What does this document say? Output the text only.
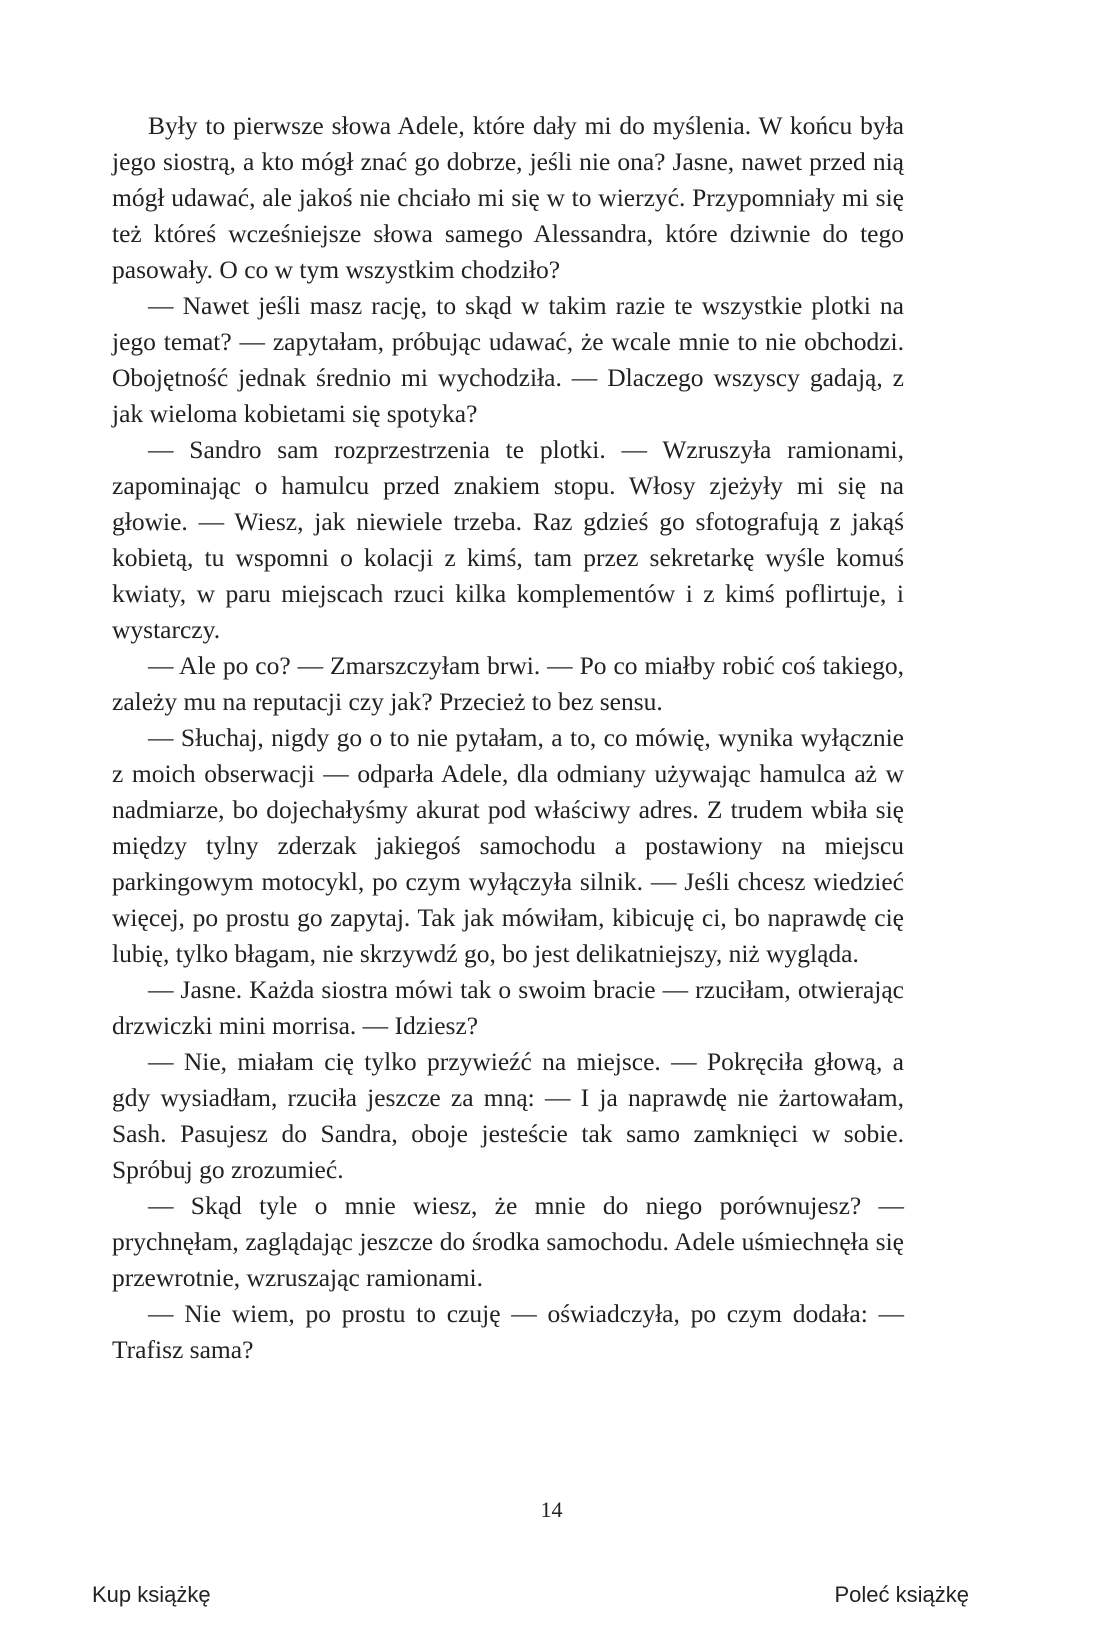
Były to pierwsze słowa Adele, które dały mi do myślenia. W końcu była jego siostrą, a kto mógł znać go dobrze, jeśli nie ona? Jasne, nawet przed nią mógł udawać, ale jakoś nie chciało mi się w to wierzyć. Przypomniały mi się też któreś wcześniejsze słowa samego Alessandra, które dziwnie do tego pasowały. O co w tym wszystkim chodziło?

— Nawet jeśli masz rację, to skąd w takim razie te wszystkie plotki na jego temat? — zapytałam, próbując udawać, że wcale mnie to nie obchodzi. Obojętność jednak średnio mi wychodziła. — Dlaczego wszyscy gadają, z jak wieloma kobietami się spotyka?

— Sandro sam rozprzestrzenia te plotki. — Wzruszyła ramionami, zapominając o hamulcu przed znakiem stopu. Włosy zjeżyły mi się na głowie. — Wiesz, jak niewiele trzeba. Raz gdzieś go sfotografują z jakąś kobietą, tu wspomni o kolacji z kimś, tam przez sekretarkę wyśle komuś kwiaty, w paru miejscach rzuci kilka komplementów i z kimś poflirtuje, i wystarczy.

— Ale po co? — Zmarszczyłam brwi. — Po co miałby robić coś takiego, zależy mu na reputacji czy jak? Przecież to bez sensu.

— Słuchaj, nigdy go o to nie pytałam, a to, co mówię, wynika wyłącznie z moich obserwacji — odparła Adele, dla odmiany używając hamulca aż w nadmiarze, bo dojechałyśmy akurat pod właściwy adres. Z trudem wbiła się między tylny zderzak jakiegoś samochodu a postawiony na miejscu parkingowym motocykl, po czym wyłączyła silnik. — Jeśli chcesz wiedzieć więcej, po prostu go zapytaj. Tak jak mówiłam, kibicuję ci, bo naprawdę cię lubię, tylko błagam, nie skrzywdź go, bo jest delikatniejszy, niż wygląda.

— Jasne. Każda siostra mówi tak o swoim bracie — rzuciłam, otwierając drzwiczki mini morrisa. — Idziesz?

— Nie, miałam cię tylko przywieźć na miejsce. — Pokręciła głową, a gdy wysiadłam, rzuciła jeszcze za mną: — I ja naprawdę nie żartowałam, Sash. Pasujesz do Sandra, oboje jesteście tak samo zamknięci w sobie. Spróbuj go zrozumieć.

— Skąd tyle o mnie wiesz, że mnie do niego porównujesz? — prychnęłam, zaglądając jeszcze do środka samochodu. Adele uśmiechnęła się przewrotnie, wzruszając ramionami.

— Nie wiem, po prostu to czuję — oświadczyła, po czym dodała: — Trafisz sama?

14
Kup książkę	Poleć książkę
